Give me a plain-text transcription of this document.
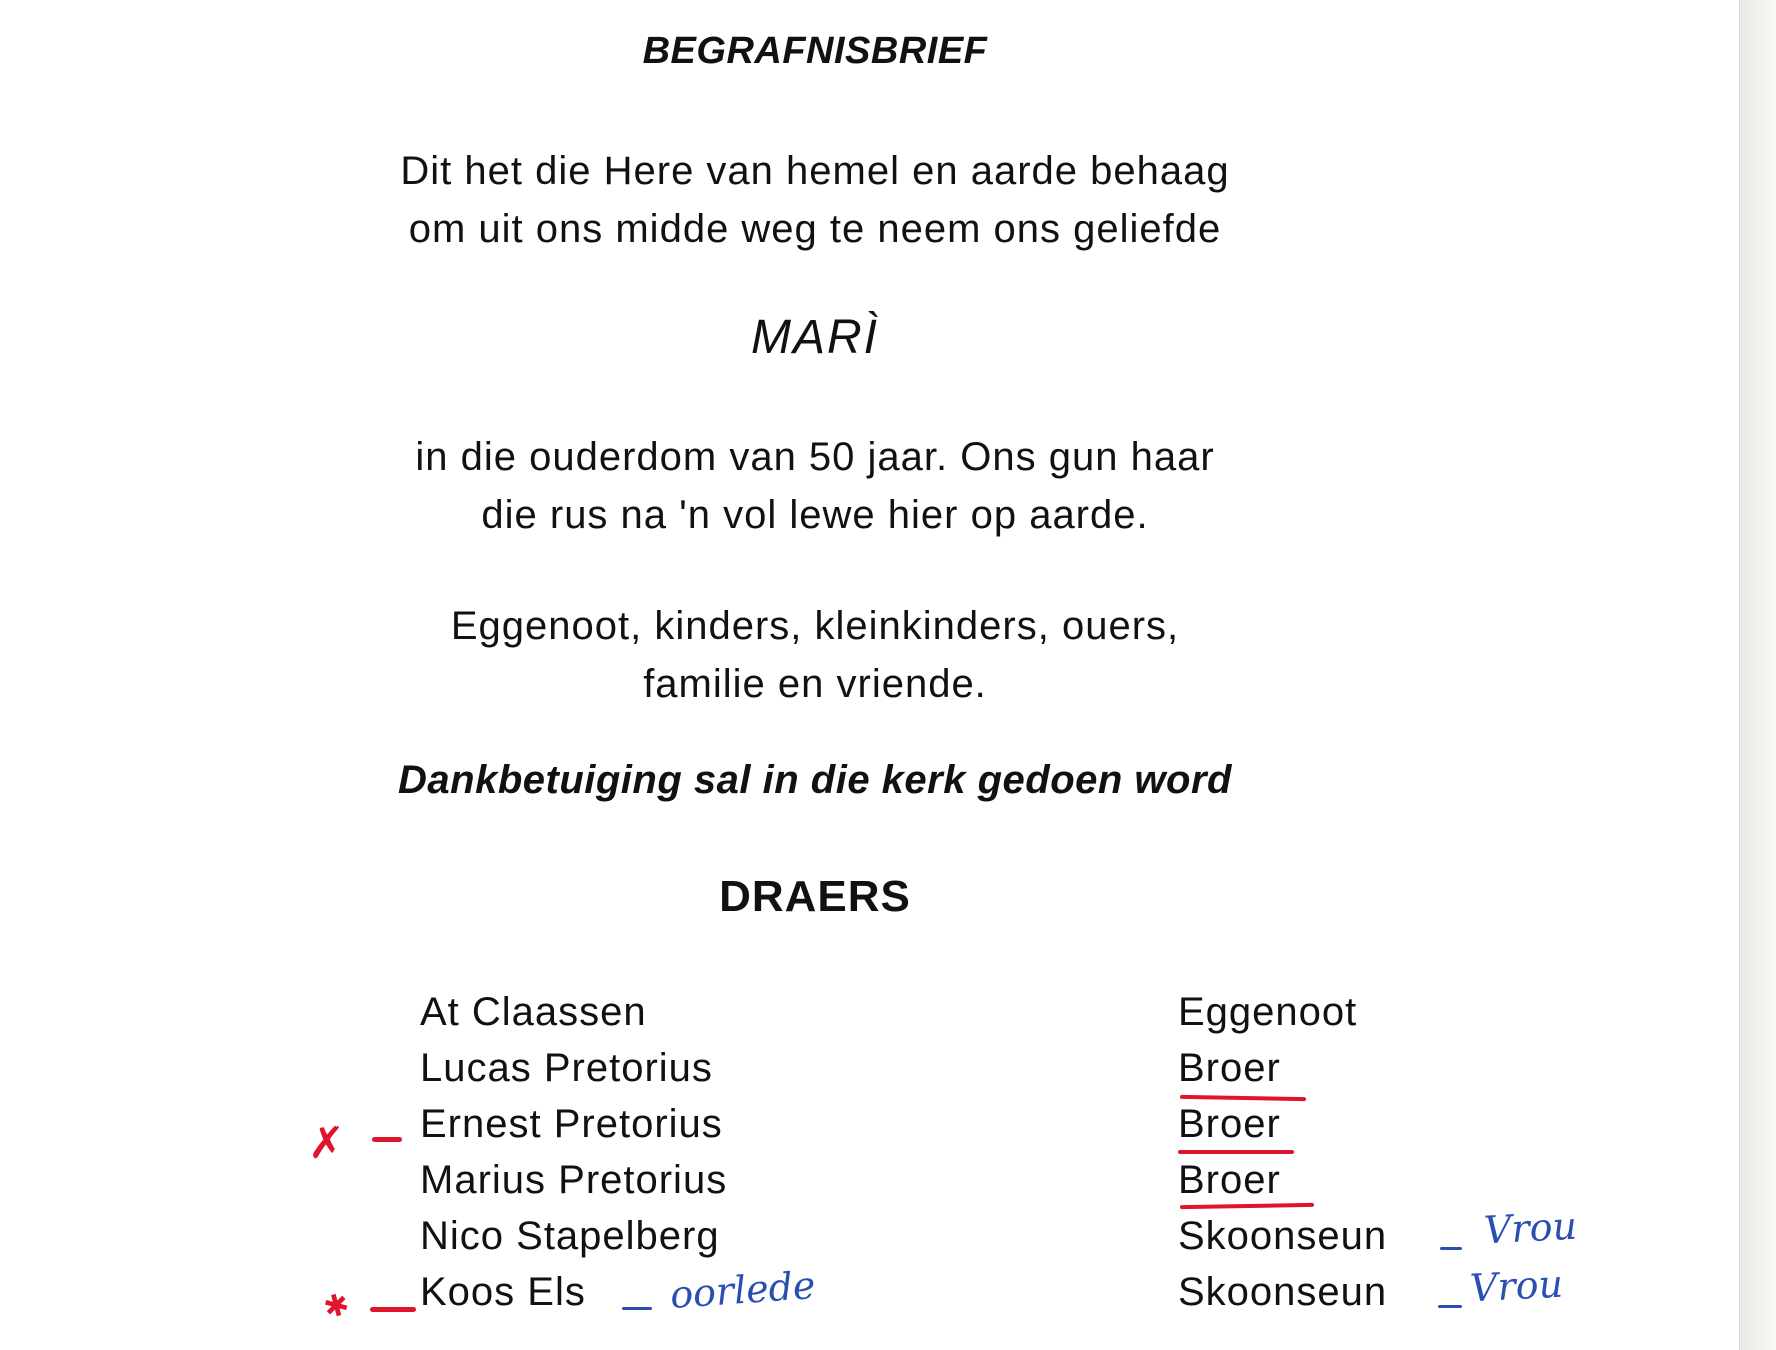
BEGRAFNISBRIEF
Dit het die Here van hemel en aarde behaag
om uit ons midde weg te neem ons geliefde
MARÌ
in die ouderdom van 50 jaar. Ons gun haar
die rus na 'n vol lewe hier op aarde.
Eggenoot, kinders, kleinkinders, ouers,
familie en vriende.
Dankbetuiging sal in die kerk gedoen word
DRAERS
At Claassen	Eggenoot
Lucas Pretorius	Broer
Ernest Pretorius	Broer
Marius Pretorius	Broer
Nico Stapelberg	Skoonseun
Koos Els	Skoonseun
✗
✱	oorlede
Vrou
Vrou
